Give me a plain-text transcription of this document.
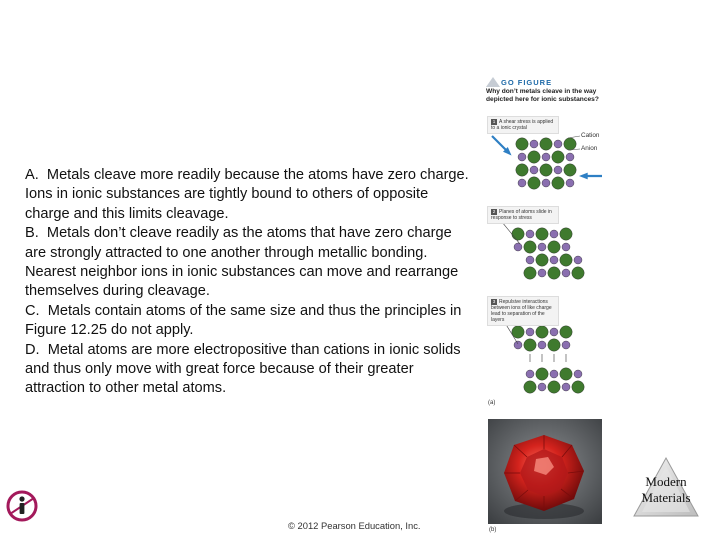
A. Metals cleave more readily because the atoms have zero charge. Ions in ionic substances are tightly bound to others of opposite charge and this limits cleavage.

B. Metals don’t cleave readily as the atoms that have zero charge are strongly attracted to one another through metallic bonding. Nearest neighbor ions in ionic substances can move and rearrange themselves during cleavage.

C. Metals contain atoms of the same size and thus the principles in Figure 12.25 do not apply.

D. Metal atoms are more electropositive than cations in ionic solids and thus only move with great force because of their greater attraction to other metal atoms.

GO FIGURE
Why don’t metals cleave in the way depicted here for ionic substances?
1 A shear stress is applied to a ionic crystal
2 Planes of atoms slide in response to stress
3 Repulsive interactions between ions of like charge lead to separation of the layers
Cation
Anion
(a)
(b)
Modern Materials
© 2012 Pearson Education, Inc.
